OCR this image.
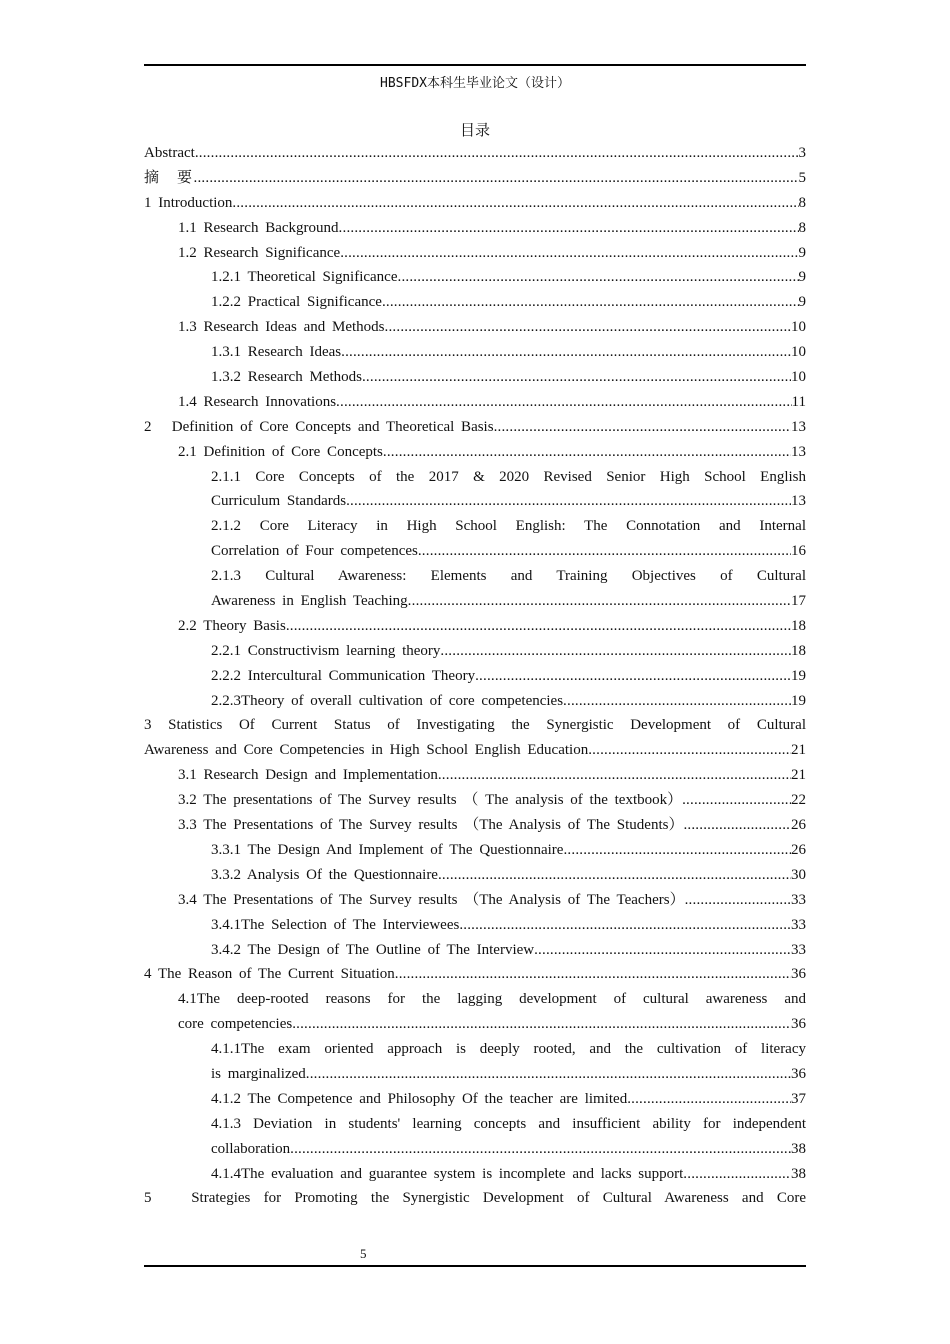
HBSFDX本科生毕业论文（设计）
目录
Abstract .....	3
摘　要 .....	5
1 Introduction .....	8
1.1 Research Background .....	8
1.2 Research Significance .....	9
1.2.1 Theoretical Significance .....	9
1.2.2 Practical Significance .....	9
1.3 Research Ideas and Methods .....	10
1.3.1 Research Ideas .....	10
1.3.2 Research Methods .....	10
1.4 Research Innovations .....	11
2   Definition of Core Concepts and Theoretical Basis .....	13
2.1 Definition of Core Concepts .....	13
2.1.1 Core Concepts of the 2017 & 2020 Revised Senior High School English
Curriculum Standards .....	13
2.1.2 Core Literacy in High School English: The Connotation and Internal
Correlation of Four competences .....	16
2.1.3 Cultural Awareness: Elements and Training Objectives of Cultural
Awareness in English Teaching .....	17
2.2 Theory Basis .....	18
2.2.1 Constructivism learning theory .....	18
2.2.2 Intercultural Communication Theory .....	19
2.2.3Theory of overall cultivation of core competencies .....	19
3 Statistics Of Current Status of Investigating the Synergistic Development of Cultural
Awareness and Core Competencies in High School English Education .....	21
3.1 Research Design and Implementation .....	21
3.2 The presentations of The Survey results （ The analysis of the textbook） .....	22
3.3 The Presentations of The Survey results （The Analysis of The Students） .....	26
3.3.1 The Design And Implement of The Questionnaire .....	26
3.3.2 Analysis Of the Questionnaire .....	30
3.4 The Presentations of The Survey results （The Analysis of The Teachers） .....	33
3.4.1The Selection of The Interviewees .....	33
3.4.2 The Design of The Outline of The Interview .....	33
4 The Reason of The Current Situation .....	36
4.1The deep-rooted reasons for the lagging development of cultural awareness and
core competencies .....	36
4.1.1The exam oriented approach is deeply rooted, and the cultivation of literacy
is marginalized .....	36
4.1.2 The Competence and Philosophy Of the teacher are limited .....	37
4.1.3 Deviation in students' learning concepts and insufficient ability for independent
collaboration .....	38
4.1.4The evaluation and guarantee system is incomplete and lacks support .....	38
5   Strategies for Promoting the Synergistic Development of Cultural Awareness and Core
5
